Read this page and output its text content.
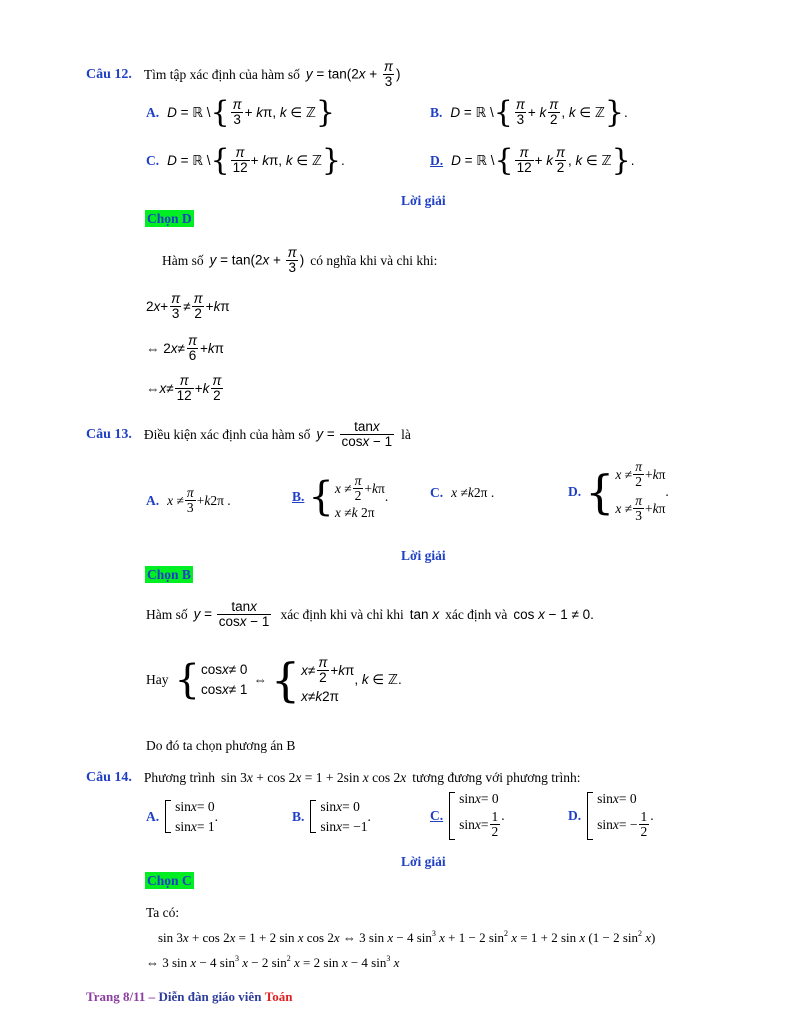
Câu 12. Tìm tập xác định của hàm số $y = \tan(2x + \frac{\pi}{3}$ )
A. D = ℝ \ { $\frac{\pi}{3} + k\pi$, k ∈ ℤ }	B. D = ℝ \ { $\frac{\pi}{3} + k \frac{\pi}{2}$ , k ∈ ℤ } .
C. D = ℝ \ { $\frac{\pi}{12} + k\pi$, k ∈ ℤ } .	D. D = ℝ \ { $\frac{\pi}{12} + k \frac{\pi}{2}$ , k ∈ ℤ } .
Lời giải
Chọn D
Hàm số $y = \tan(2x + \frac{\pi}{3}$ ) có nghĩa khi và chi khi:
2 $x + \frac{\pi}{3} \ne \frac{\pi}{2} + k$ π
⇔ 2 $x \ne \frac{\pi}{6} + k$ π
⇔ $x \ne \frac{\pi}{12} + k \frac{\pi}{2}$
Câu 13. Điều kiện xác định của hàm số $y = \frac{\tan x}{\cos x - 1}$ là
A. $x \ne \frac{\pi}{3} + k$ 2π .	B. { $x \ne \frac{\pi}{2} + k$ π
x ≠ k 2π
.	C. x ≠ k 2π .	D. { $x \ne \frac{\pi}{2} + k$ π
$x \ne \frac{\pi}{3} + k$ π
.
Lời giải
Chọn B
Hàm số $y = \frac{\tan x}{\cos x - 1}$ xác định khi và chỉ khi tan x xác định và cos x − 1 ≠ 0.
Hay { cos x ≠ 0
cos x ≠ 1
⇔ { $x \ne \frac{\pi}{2} + k$ π
x ≠ k 2π
, k ∈ ℤ.
Do đó ta chọn phương án B
Câu 14. Phương trình sin 3x + cos 2x = 1 + 2sin x cos 2x tương đương với phương trình:
A.
sin x = 0
sin x = 1
.	B.
sin x = 0
sin x = −1
.	C.
sin x = 0
$\sin x = \frac{1}{2}$ .	D.
sin x = 0
sin x = − $\frac{1}{2}$ .
Lời giải
Chọn C
Ta có:
sin 3x + cos 2x = 1 + 2 sin x cos 2x ⇔ 3 sin x − 4 $\sin^3 x + 1 - 2$ $\sin^2 x = 1 + 2$ sin x (1 − 2 $\sin^2 x$)
⇔ 3 sin x − 4 $\sin^3 x - 2$ $\sin^2 x = 2$ sin x − 4 $\sin^3 x$
Trang 8/11 – Diễn đàn giáo viên Toán
